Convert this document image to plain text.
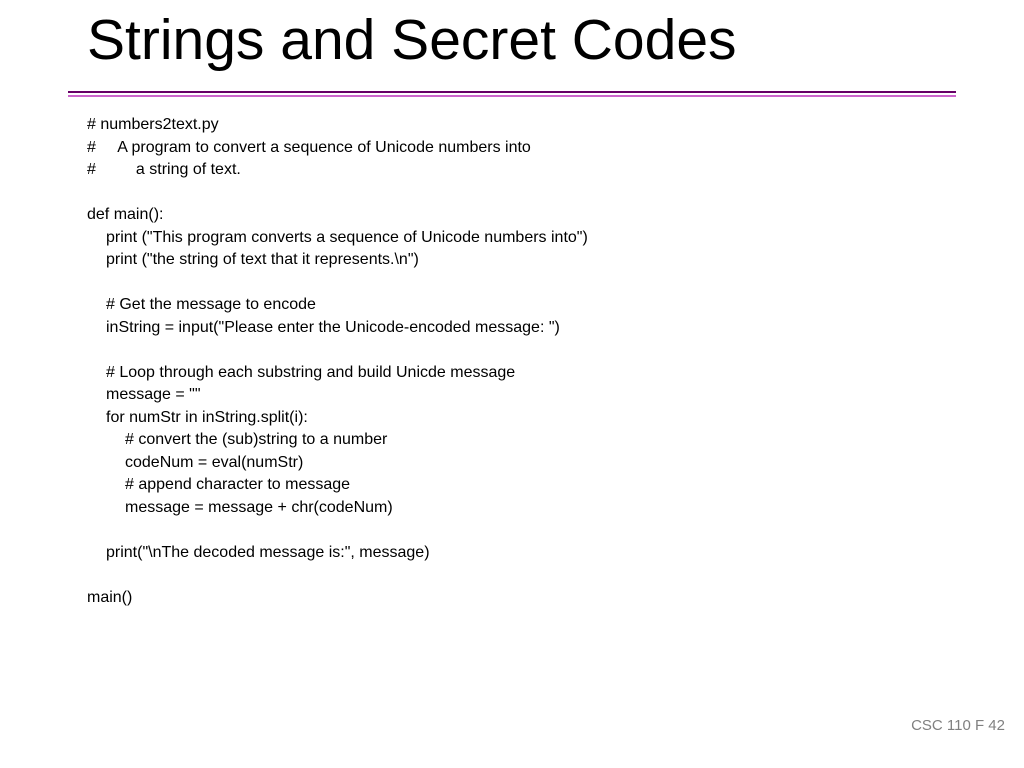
Strings and Secret Codes
# numbers2text.py
#     A program to convert a sequence of Unicode numbers into
#         a string of text.
def main():
print ("This program converts a sequence of Unicode numbers into")
print ("the string of text that it represents.\n")
# Get the message to encode
inString = input("Please enter the Unicode-encoded message: ")
# Loop through each substring and build Unicde message
message = ""
for numStr in inString.split(i):
# convert the (sub)string to a number
codeNum = eval(numStr)
# append character to message
message = message + chr(codeNum)
print("\nThe decoded message is:", message)
main()
CSC 110 F 42
